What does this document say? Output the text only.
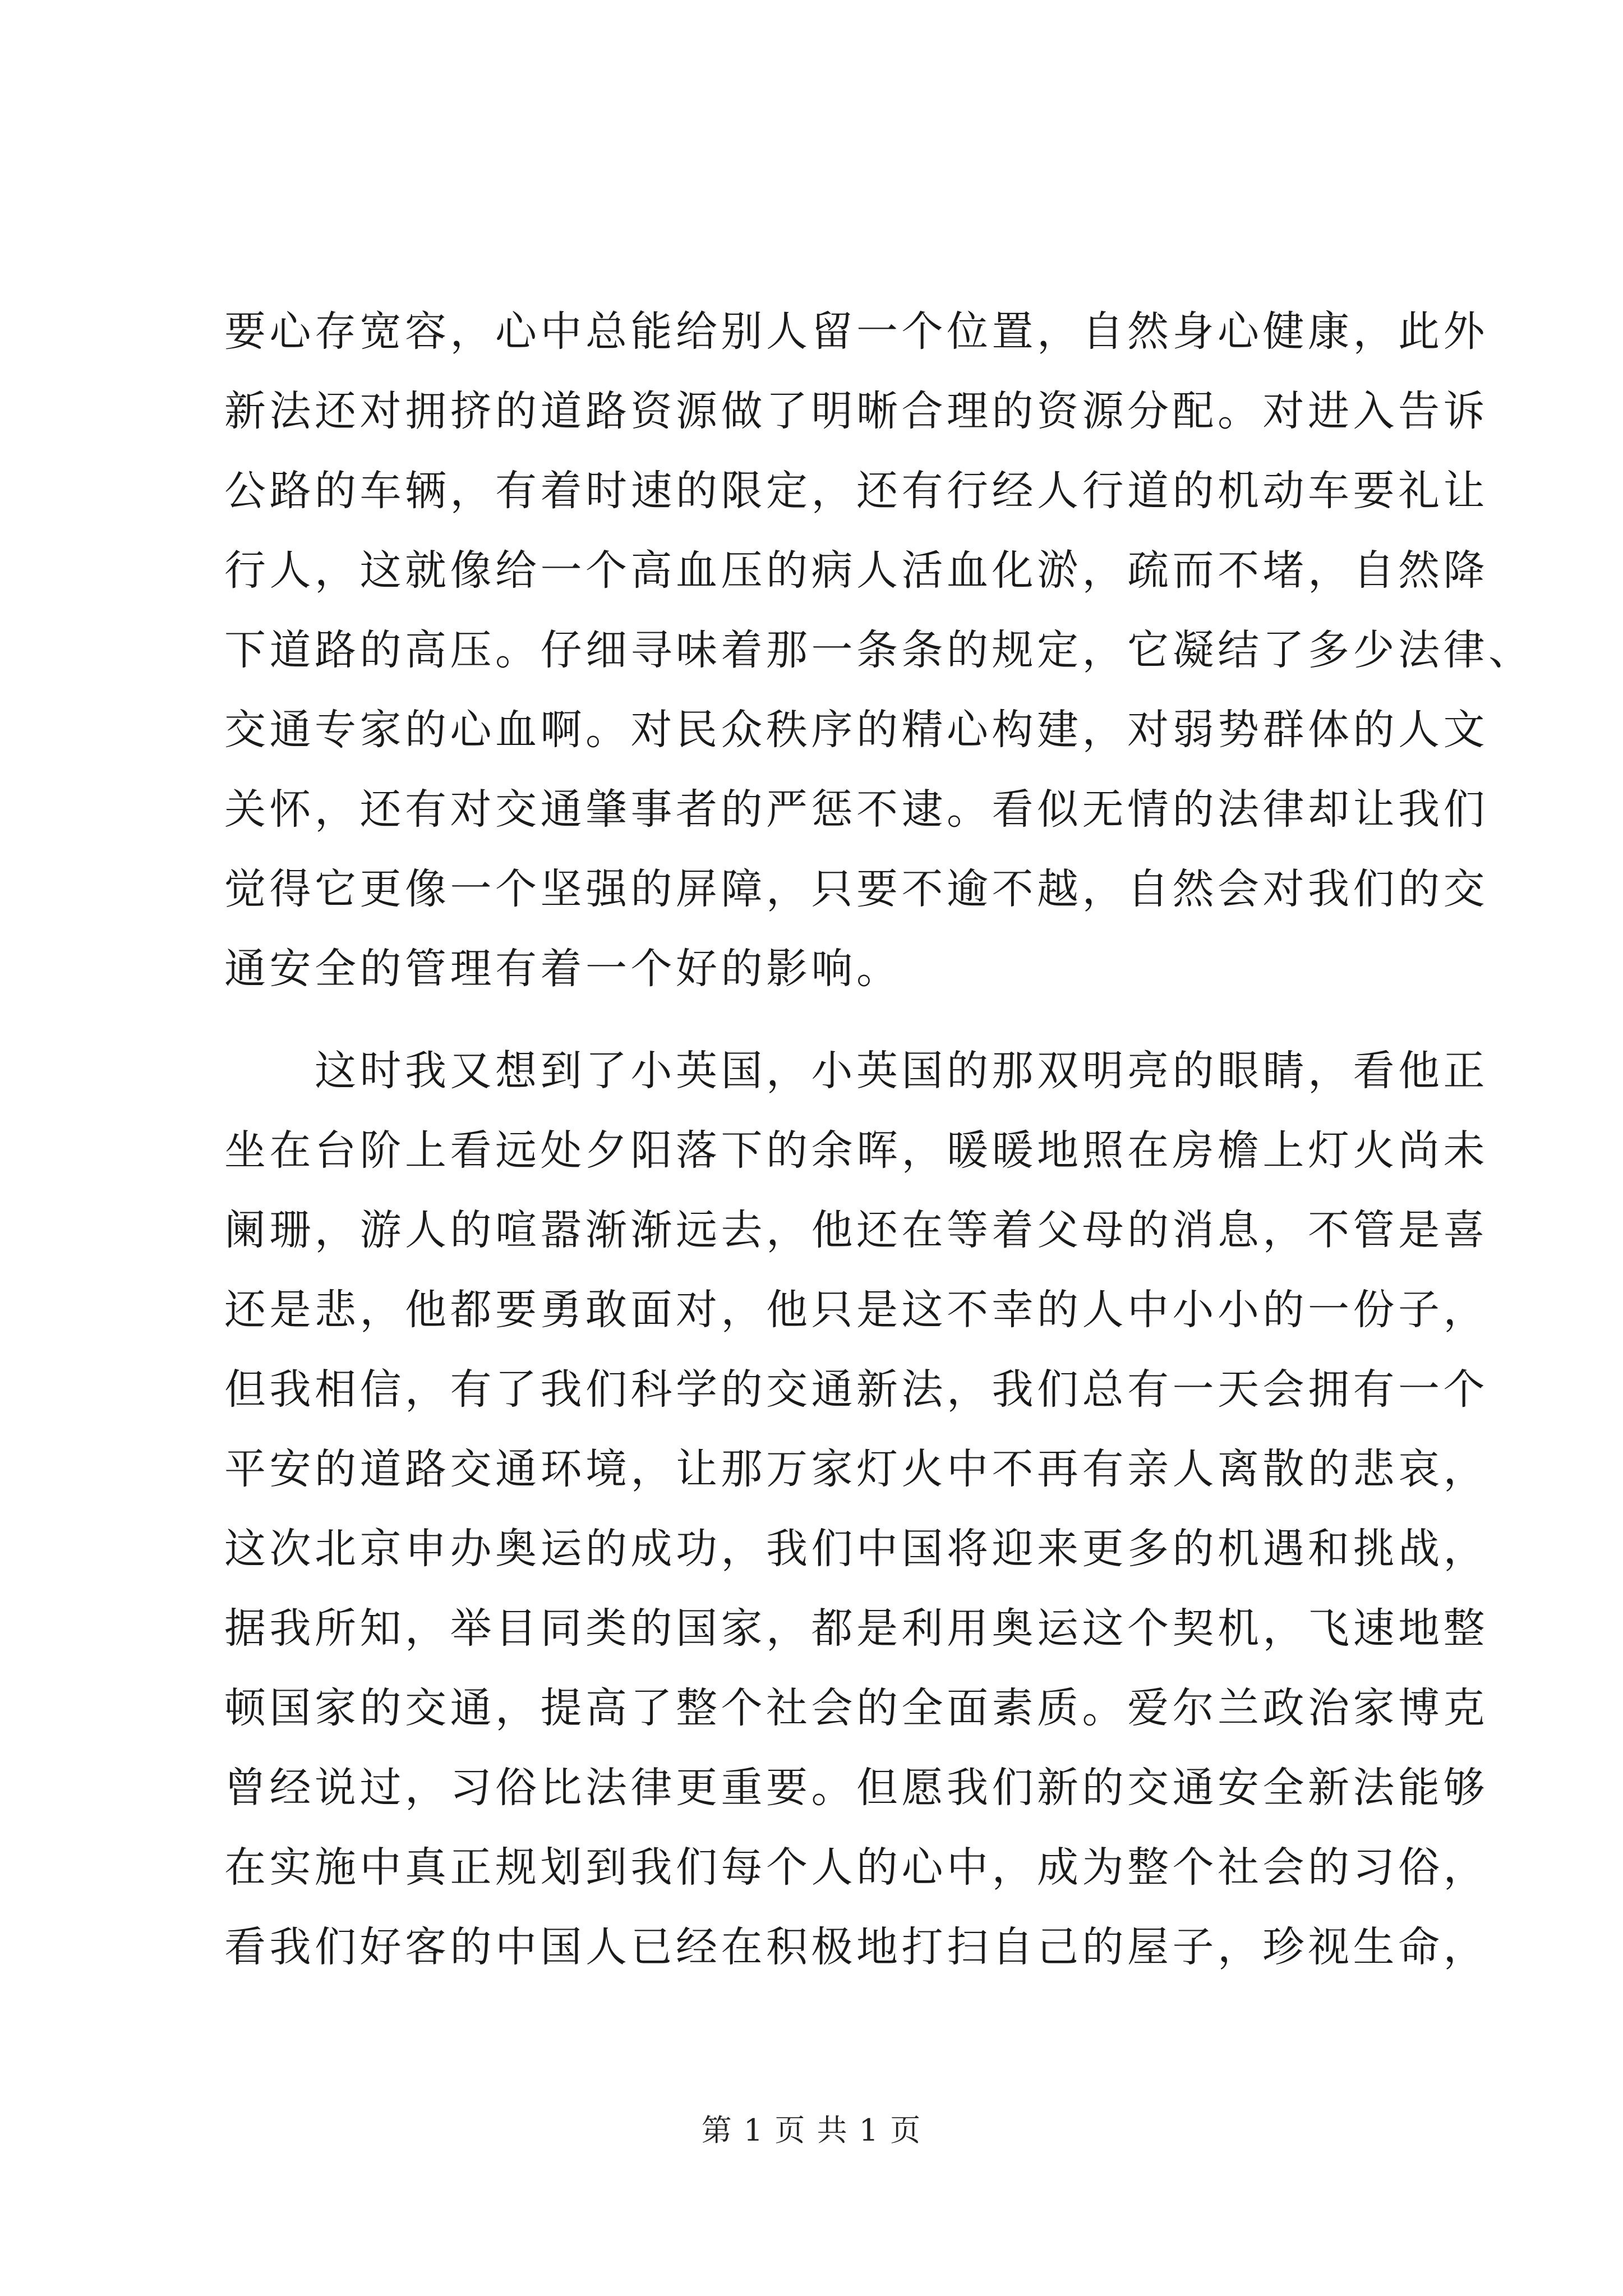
要心存宽容，心中总能给别人留一个位置，自然身心健康，此外
新法还对拥挤的道路资源做了明晰合理的资源分配。对进入告诉
公路的车辆，有着时速的限定，还有行经人行道的机动车要礼让
行人，这就像给一个高血压的病人活血化淤，疏而不堵，自然降
下道路的高压。仔细寻味着那一条条的规定，它凝结了多少法律、
交通专家的心血啊。对民众秩序的精心构建，对弱势群体的人文
关怀，还有对交通肇事者的严惩不逮。看似无情的法律却让我们
觉得它更像一个坚强的屏障，只要不逾不越，自然会对我们的交
通安全的管理有着一个好的影响。
　　这时我又想到了小英国，小英国的那双明亮的眼睛，看他正
坐在台阶上看远处夕阳落下的余晖，暖暖地照在房檐上灯火尚未
阑珊，游人的喧嚣渐渐远去，他还在等着父母的消息，不管是喜
还是悲，他都要勇敢面对，他只是这不幸的人中小小的一份子，
但我相信，有了我们科学的交通新法，我们总有一天会拥有一个
平安的道路交通环境，让那万家灯火中不再有亲人离散的悲哀，
这次北京申办奥运的成功，我们中国将迎来更多的机遇和挑战，
据我所知，举目同类的国家，都是利用奥运这个契机，飞速地整
顿国家的交通，提高了整个社会的全面素质。爱尔兰政治家博克
曾经说过，习俗比法律更重要。但愿我们新的交通安全新法能够
在实施中真正规划到我们每个人的心中，成为整个社会的习俗，
看我们好客的中国人已经在积极地打扫自己的屋子，珍视生命，
第 1 页 共 1 页
